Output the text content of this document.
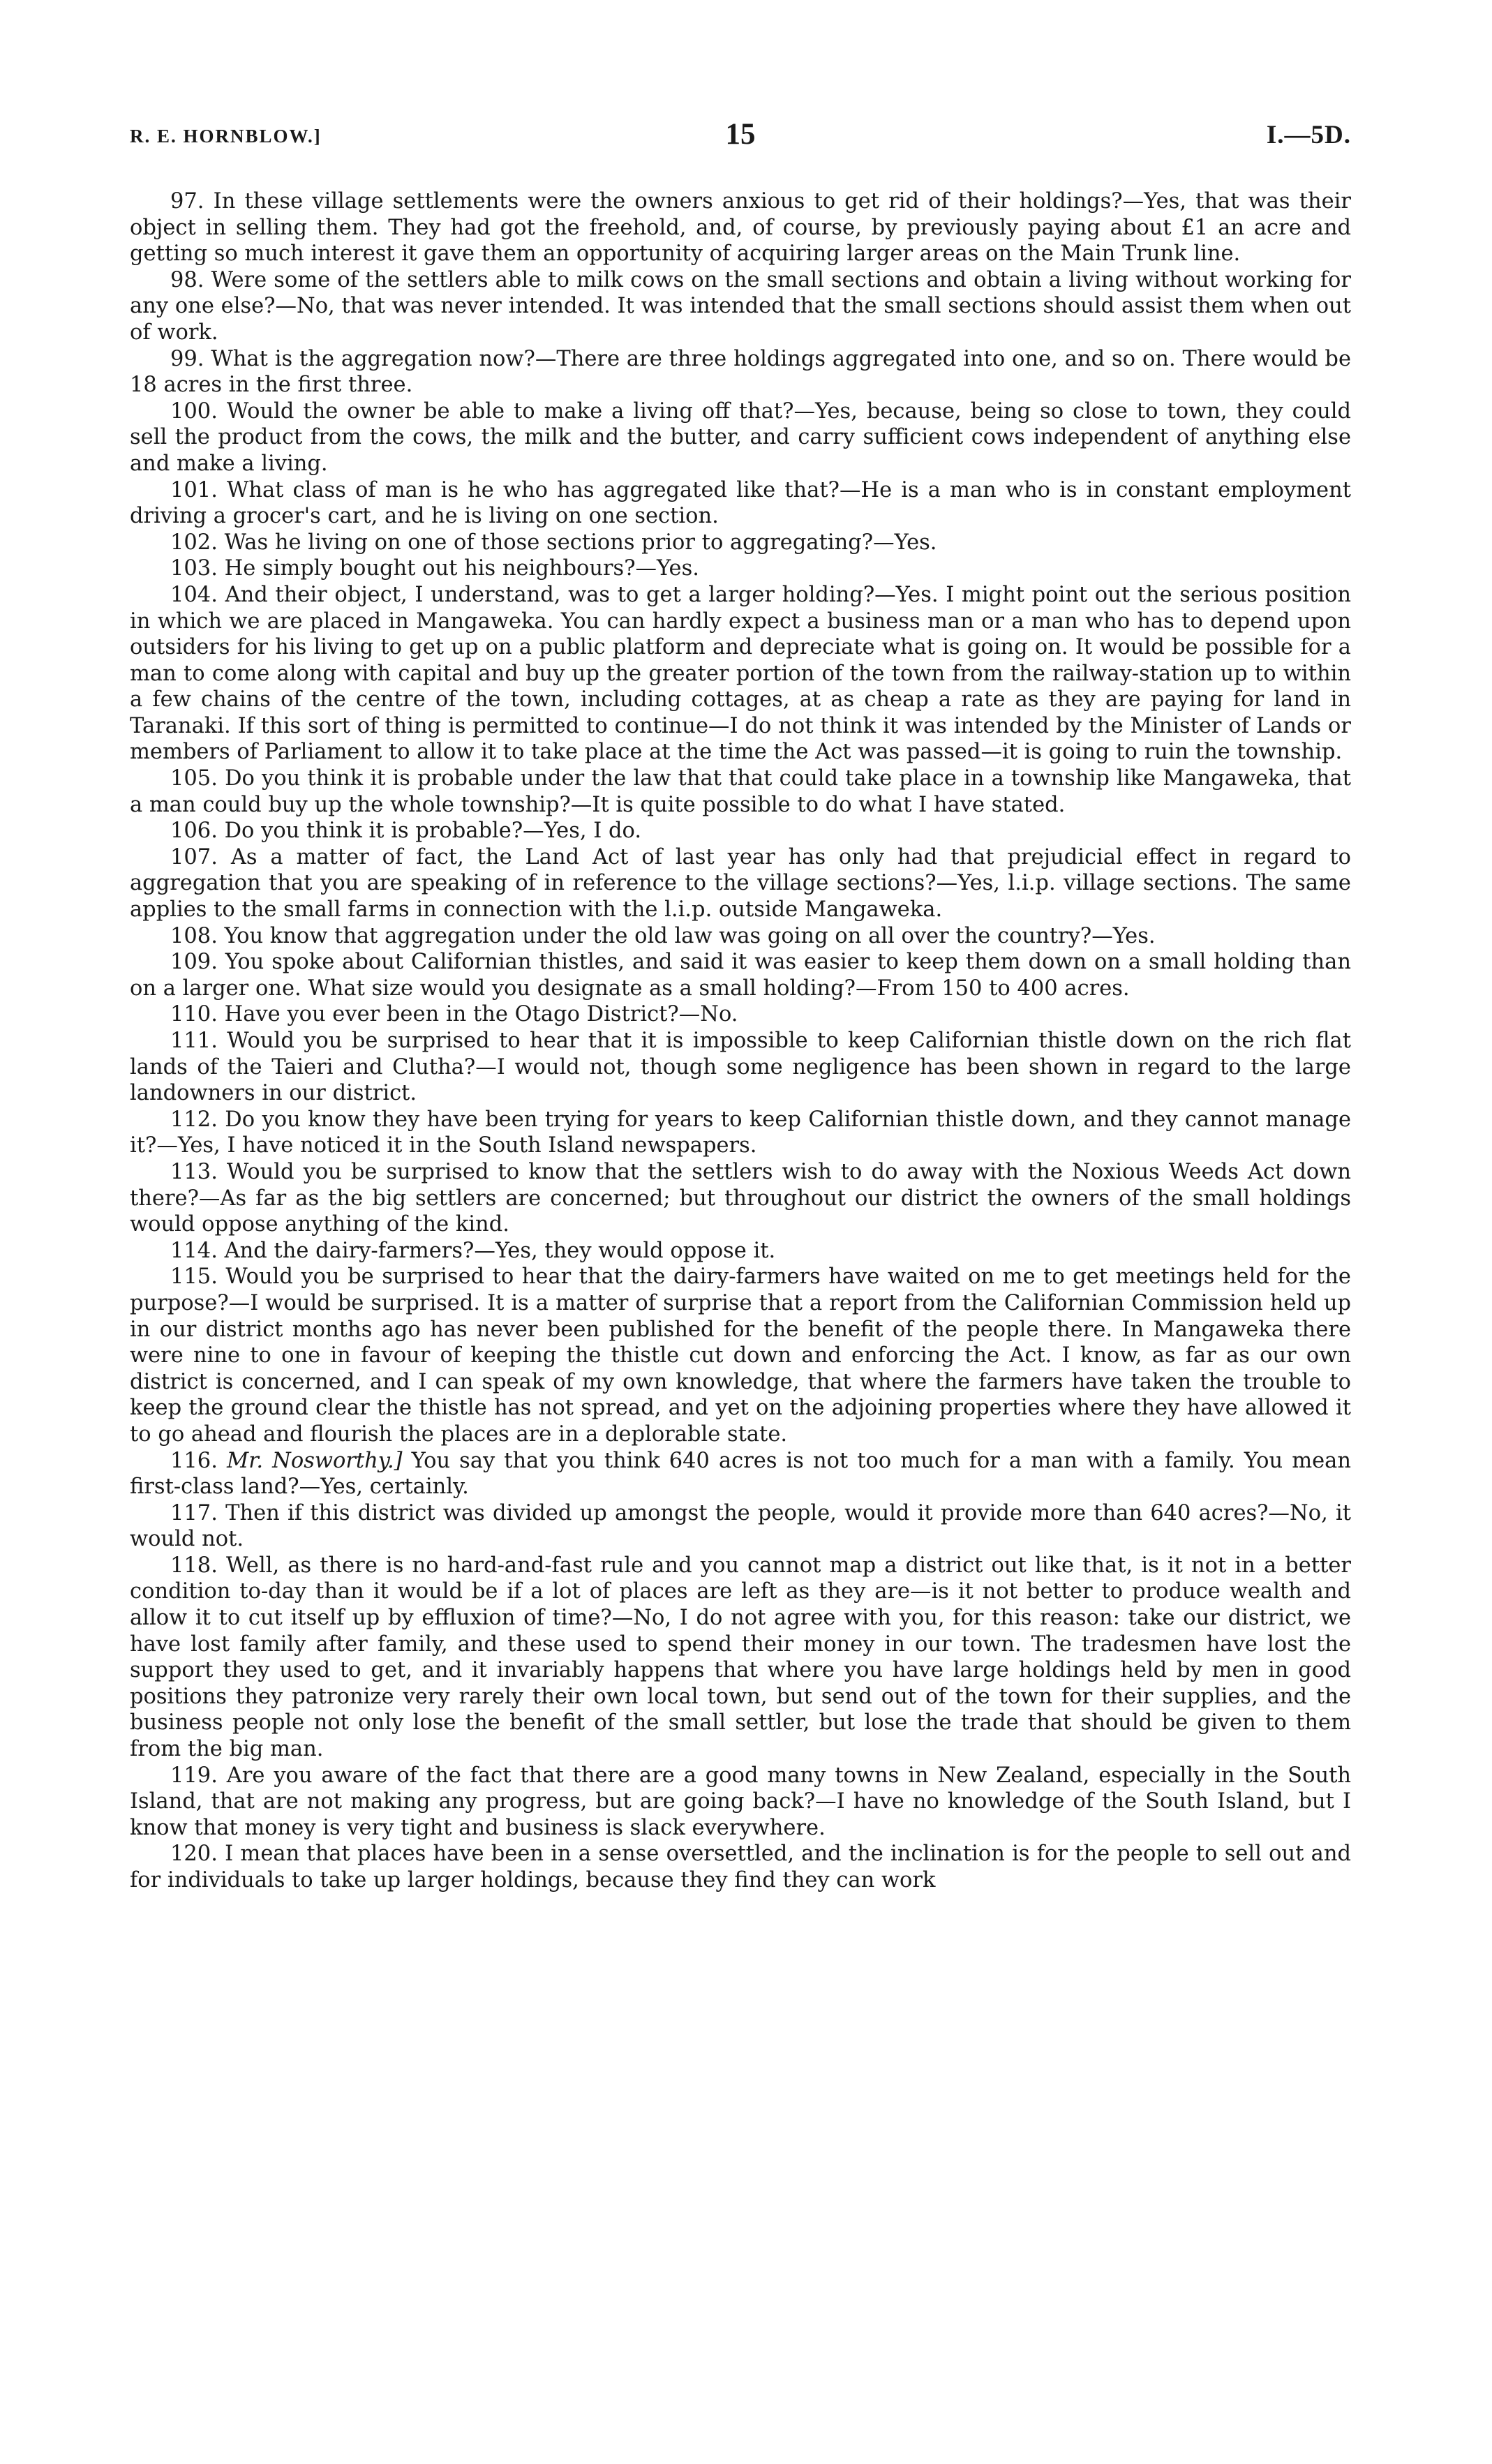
R. E. HORNBLOW.]	15	I.—5D.

97. In these village settlements were the owners anxious to get rid of their holdings?—Yes, that was their object in selling them. They had got the freehold, and, of course, by previously paying about £1 an acre and getting so much interest it gave them an opportunity of acquiring larger areas on the Main Trunk line.

98. Were some of the settlers able to milk cows on the small sections and obtain a living without working for any one else?—No, that was never intended. It was intended that the small sections should assist them when out of work.

99. What is the aggregation now?—There are three holdings aggregated into one, and so on. There would be 18 acres in the first three.

100. Would the owner be able to make a living off that?—Yes, because, being so close to town, they could sell the product from the cows, the milk and the butter, and carry sufficient cows independent of anything else and make a living.

101. What class of man is he who has aggregated like that?—He is a man who is in constant employment driving a grocer's cart, and he is living on one section.

102. Was he living on one of those sections prior to aggregating?—Yes.

103. He simply bought out his neighbours?—Yes.

104. And their object, I understand, was to get a larger holding?—Yes. I might point out the serious position in which we are placed in Mangaweka. You can hardly expect a business man or a man who has to depend upon outsiders for his living to get up on a public platform and depreciate what is going on. It would be possible for a man to come along with capital and buy up the greater portion of the town from the railway-station up to within a few chains of the centre of the town, including cottages, at as cheap a rate as they are paying for land in Taranaki. If this sort of thing is permitted to continue—I do not think it was intended by the Minister of Lands or members of Parliament to allow it to take place at the time the Act was passed—it is going to ruin the township.

105. Do you think it is probable under the law that that could take place in a township like Mangaweka, that a man could buy up the whole township?—It is quite possible to do what I have stated.

106. Do you think it is probable?—Yes, I do.

107. As a matter of fact, the Land Act of last year has only had that prejudicial effect in regard to aggregation that you are speaking of in reference to the village sections?—Yes, l.i.p. village sections. The same applies to the small farms in connection with the l.i.p. outside Mangaweka.

108. You know that aggregation under the old law was going on all over the country?—Yes.

109. You spoke about Californian thistles, and said it was easier to keep them down on a small holding than on a larger one. What size would you designate as a small holding?—From 150 to 400 acres.

110. Have you ever been in the Otago District?—No.

111. Would you be surprised to hear that it is impossible to keep Californian thistle down on the rich flat lands of the Taieri and Clutha?—I would not, though some negligence has been shown in regard to the large landowners in our district.

112. Do you know they have been trying for years to keep Californian thistle down, and they cannot manage it?—Yes, I have noticed it in the South Island newspapers.

113. Would you be surprised to know that the settlers wish to do away with the Noxious Weeds Act down there?—As far as the big settlers are concerned; but throughout our district the owners of the small holdings would oppose anything of the kind.

114. And the dairy-farmers?—Yes, they would oppose it.

115. Would you be surprised to hear that the dairy-farmers have waited on me to get meetings held for the purpose?—I would be surprised. It is a matter of surprise that a report from the Californian Commission held up in our district months ago has never been published for the benefit of the people there. In Mangaweka there were nine to one in favour of keeping the thistle cut down and enforcing the Act. I know, as far as our own district is concerned, and I can speak of my own knowledge, that where the farmers have taken the trouble to keep the ground clear the thistle has not spread, and yet on the adjoining properties where they have allowed it to go ahead and flourish the places are in a deplorable state.

116. Mr. Nosworthy.] You say that you think 640 acres is not too much for a man with a family. You mean first-class land?—Yes, certainly.

117. Then if this district was divided up amongst the people, would it provide more than 640 acres?—No, it would not.

118. Well, as there is no hard-and-fast rule and you cannot map a district out like that, is it not in a better condition to-day than it would be if a lot of places are left as they are—is it not better to produce wealth and allow it to cut itself up by effluxion of time?—No, I do not agree with you, for this reason: take our district, we have lost family after family, and these used to spend their money in our town. The tradesmen have lost the support they used to get, and it invariably happens that where you have large holdings held by men in good positions they patronize very rarely their own local town, but send out of the town for their supplies, and the business people not only lose the benefit of the small settler, but lose the trade that should be given to them from the big man.

119. Are you aware of the fact that there are a good many towns in New Zealand, especially in the South Island, that are not making any progress, but are going back?—I have no knowledge of the South Island, but I know that money is very tight and business is slack everywhere.

120. I mean that places have been in a sense oversettled, and the inclination is for the people to sell out and for individuals to take up larger holdings, because they find they can work
